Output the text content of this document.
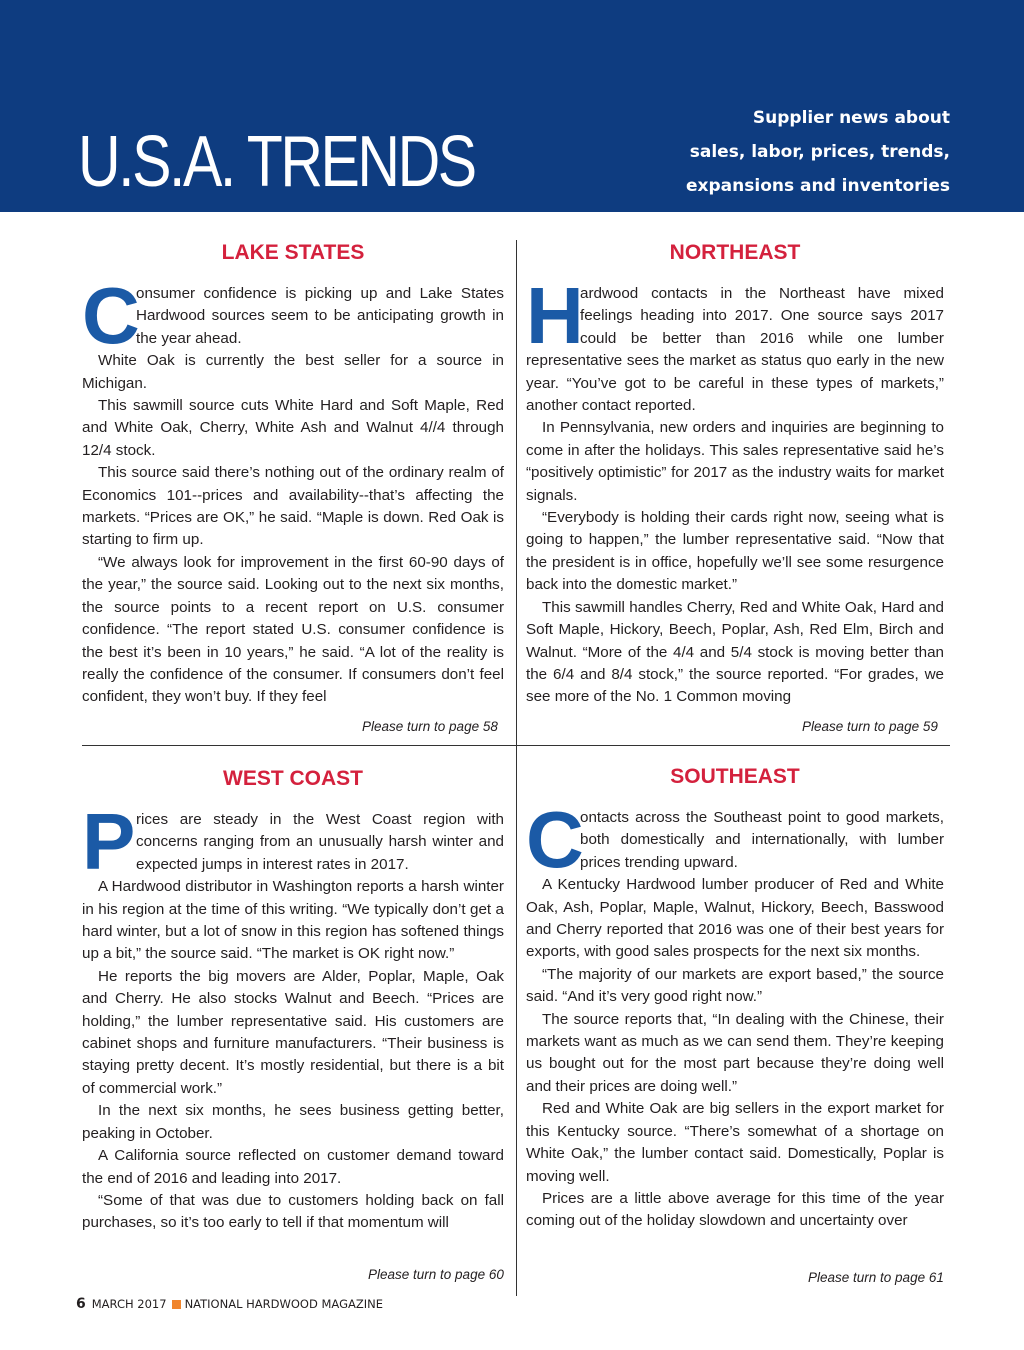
U.S.A. TRENDS
Supplier news about
sales, labor, prices, trends,
expansions and inventories
LAKE STATES
C

onsumer confidence is picking up and Lake States Hardwood sources seem to be anticipating growth in the year ahead.

White Oak is currently the best seller for a source in Michigan.

This sawmill source cuts White Hard and Soft Maple, Red and White Oak, Cherry, White Ash and Walnut 4//4 through 12/4 stock.

This source said there’s nothing out of the ordinary realm of Economics 101--prices and availability--that’s affecting the markets. “Prices are OK,” he said. “Maple is down. Red Oak is starting to firm up.

“We always look for improvement in the first 60-90 days of the year,” the source said. Looking out to the next six months, the source points to a recent report on U.S. consumer confidence. “The report stated U.S. consumer confidence is the best it’s been in 10 years,” he said. “A lot of the reality is really the confidence of the consumer. If consumers don’t feel confident, they won’t buy. If they feel

Please turn to page 58
NORTHEAST
H

ardwood contacts in the Northeast have mixed feelings heading into 2017. One source says 2017 could be better than 2016 while one lumber representative sees the market as status quo early in the new year. “You’ve got to be careful in these types of markets,” another contact reported.

In Pennsylvania, new orders and inquiries are beginning to come in after the holidays. This sales representative said he’s “positively optimistic” for 2017 as the industry waits for market signals.

“Everybody is holding their cards right now, seeing what is going to happen,” the lumber representative said. “Now that the president is in office, hopefully we’ll see some resurgence back into the domestic market.”

This sawmill handles Cherry, Red and White Oak, Hard and Soft Maple, Hickory, Beech, Poplar, Ash, Red Elm, Birch and Walnut. “More of the 4/4 and 5/4 stock is moving better than the 6/4 and 8/4 stock,” the source reported. “For grades, we see more of the No. 1 Common moving

Please turn to page 59
WEST COAST
P rices are steady in the West Coast region with concerns ranging from an unusually harsh winter and expected jumps in interest rates in 2017.

A Hardwood distributor in Washington reports a harsh winter in his region at the time of this writing. “We typically don’t get a hard winter, but a lot of snow in this region has softened things up a bit,” the source said. “The market is OK right now.”

He reports the big movers are Alder, Poplar, Maple, Oak and Cherry. He also stocks Walnut and Beech. “Prices are holding,” the lumber representative said. His customers are cabinet shops and furniture manufacturers. “Their business is staying pretty decent. It’s mostly residential, but there is a bit of commercial work.”

In the next six months, he sees business getting better, peaking in October.

A California source reflected on customer demand toward the end of 2016 and leading into 2017.

“Some of that was due to customers holding back on fall purchases, so it’s too early to tell if that momentum will

Please turn to page 60
SOUTHEAST
C

ontacts across the Southeast point to good markets, both domestically and internationally, with lumber prices trending upward.

A Kentucky Hardwood lumber producer of Red and White Oak, Ash, Poplar, Maple, Walnut, Hickory, Beech, Basswood and Cherry reported that 2016 was one of their best years for exports, with good sales prospects for the next six months.

“The majority of our markets are export based,” the source said. “And it’s very good right now.”

The source reports that, “In dealing with the Chinese, their markets want as much as we can send them. They’re keeping us bought out for the most part because they’re doing well and their prices are doing well.”

Red and White Oak are big sellers in the export market for this Kentucky source. “There’s somewhat of a shortage on White Oak,” the lumber contact said. Domestically, Poplar is moving well.

Prices are a little above average for this time of the year coming out of the holiday slowdown and uncertainty over

Please turn to page 61
6 MARCH 2017 NATIONAL HARDWOOD MAGAZINE
